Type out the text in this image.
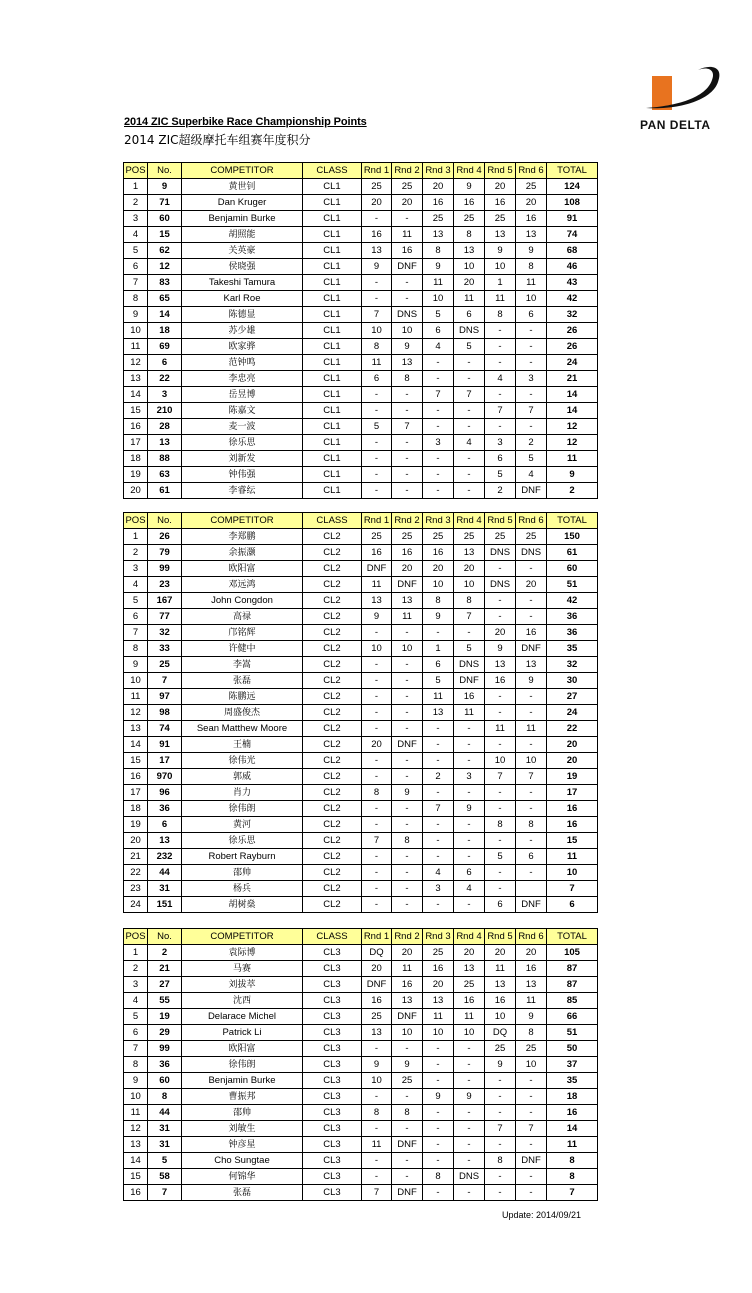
2014 ZIC Superbike Race Championship Points
2014 ZIC超级摩托车组赛年度积分
PAN DELTA
POS	No.	COMPETITOR	CLASS	Rnd 1	Rnd 2	Rnd 3	Rnd 4	Rnd 5	Rnd 6	TOTAL
1	9	黄世钊	CL1	25	25	20	9	20	25	124
2	71	Dan Kruger	CL1	20	20	16	16	16	20	108
3	60	Benjamin Burke	CL1	-	-	25	25	25	16	91
4	15	胡照能	CL1	16	11	13	8	13	13	74
5	62	关英豪	CL1	13	16	8	13	9	9	68
6	12	侯晓强	CL1	9	DNF	9	10	10	8	46
7	83	Takeshi Tamura	CL1	-	-	11	20	1	11	43
8	65	Karl Roe	CL1	-	-	10	11	11	10	42
9	14	陈德显	CL1	7	DNS	5	6	8	6	32
10	18	苏少雄	CL1	10	10	6	DNS	-	-	26
11	69	欧家骅	CL1	8	9	4	5	-	-	26
12	6	范钟鸣	CL1	11	13	-	-	-	-	24
13	22	李忠亮	CL1	6	8	-	-	4	3	21
14	3	岳昱博	CL1	-	-	7	7	-	-	14
15	210	陈嘉文	CL1	-	-	-	-	7	7	14
16	28	麦一波	CL1	5	7	-	-	-	-	12
17	13	徐乐思	CL1	-	-	3	4	3	2	12
18	88	刘新发	CL1	-	-	-	-	6	5	11
19	63	钟伟强	CL1	-	-	-	-	5	4	9
20	61	李睿纭	CL1	-	-	-	-	2	DNF	2
POS	No.	COMPETITOR	CLASS	Rnd 1	Rnd 2	Rnd 3	Rnd 4	Rnd 5	Rnd 6	TOTAL
1	26	李郑鹏	CL2	25	25	25	25	25	25	150
2	79	余振灏	CL2	16	16	16	13	DNS	DNS	61
3	99	欧阳富	CL2	DNF	20	20	20	-	-	60
4	23	邓远鸿	CL2	11	DNF	10	10	DNS	20	51
5	167	John Congdon	CL2	13	13	8	8	-	-	42
6	77	高禄	CL2	9	11	9	7	-	-	36
7	32	邝铭辉	CL2	-	-	-	-	20	16	36
8	33	许健中	CL2	10	10	1	5	9	DNF	35
9	25	李嵩	CL2	-	-	6	DNS	13	13	32
10	7	张磊	CL2	-	-	5	DNF	16	9	30
11	97	陈鹏远	CL2	-	-	11	16	-	-	27
12	98	周盛俊杰	CL2	-	-	13	11	-	-	24
13	74	Sean Matthew Moore	CL2	-	-	-	-	11	11	22
14	91	王楠	CL2	20	DNF	-	-	-	-	20
15	17	徐伟光	CL2	-	-	-	-	10	10	20
16	970	郭威	CL2	-	-	2	3	7	7	19
17	96	肖力	CL2	8	9	-	-	-	-	17
18	36	徐伟朗	CL2	-	-	7	9	-	-	16
19	6	黄河	CL2	-	-	-	-	8	8	16
20	13	徐乐思	CL2	7	8	-	-	-	-	15
21	232	Robert Rayburn	CL2	-	-	-	-	5	6	11
22	44	邵帅	CL2	-	-	4	6	-	-	10
23	31	杨兵	CL2	-	-	3	4	-		7
24	151	胡树燊	CL2	-	-	-	-	6	DNF	6
POS	No.	COMPETITOR	CLASS	Rnd 1	Rnd 2	Rnd 3	Rnd 4	Rnd 5	Rnd 6	TOTAL
1	2	袁际博	CL3	DQ	20	25	20	20	20	105
2	21	马赛	CL3	20	11	16	13	11	16	87
3	27	刘拔萃	CL3	DNF	16	20	25	13	13	87
4	55	沈西	CL3	16	13	13	16	16	11	85
5	19	Delarace Michel	CL3	25	DNF	11	11	10	9	66
6	29	Patrick Li	CL3	13	10	10	10	DQ	8	51
7	99	欧阳富	CL3	-	-	-	-	25	25	50
8	36	徐伟朗	CL3	9	9	-	-	9	10	37
9	60	Benjamin Burke	CL3	10	25	-	-	-	-	35
10	8	曹振邦	CL3	-	-	9	9	-	-	18
11	44	邵帅	CL3	8	8	-	-	-	-	16
12	31	刘敏生	CL3	-	-	-	-	7	7	14
13	31	钟彦星	CL3	11	DNF	-	-	-	-	11
14	5	Cho Sungtae	CL3	-	-	-	-	8	DNF	8
15	58	何锦华	CL3	-	-	8	DNS	-	-	8
16	7	张磊	CL3	7	DNF	-	-	-	-	7
Update: 2014/09/21
